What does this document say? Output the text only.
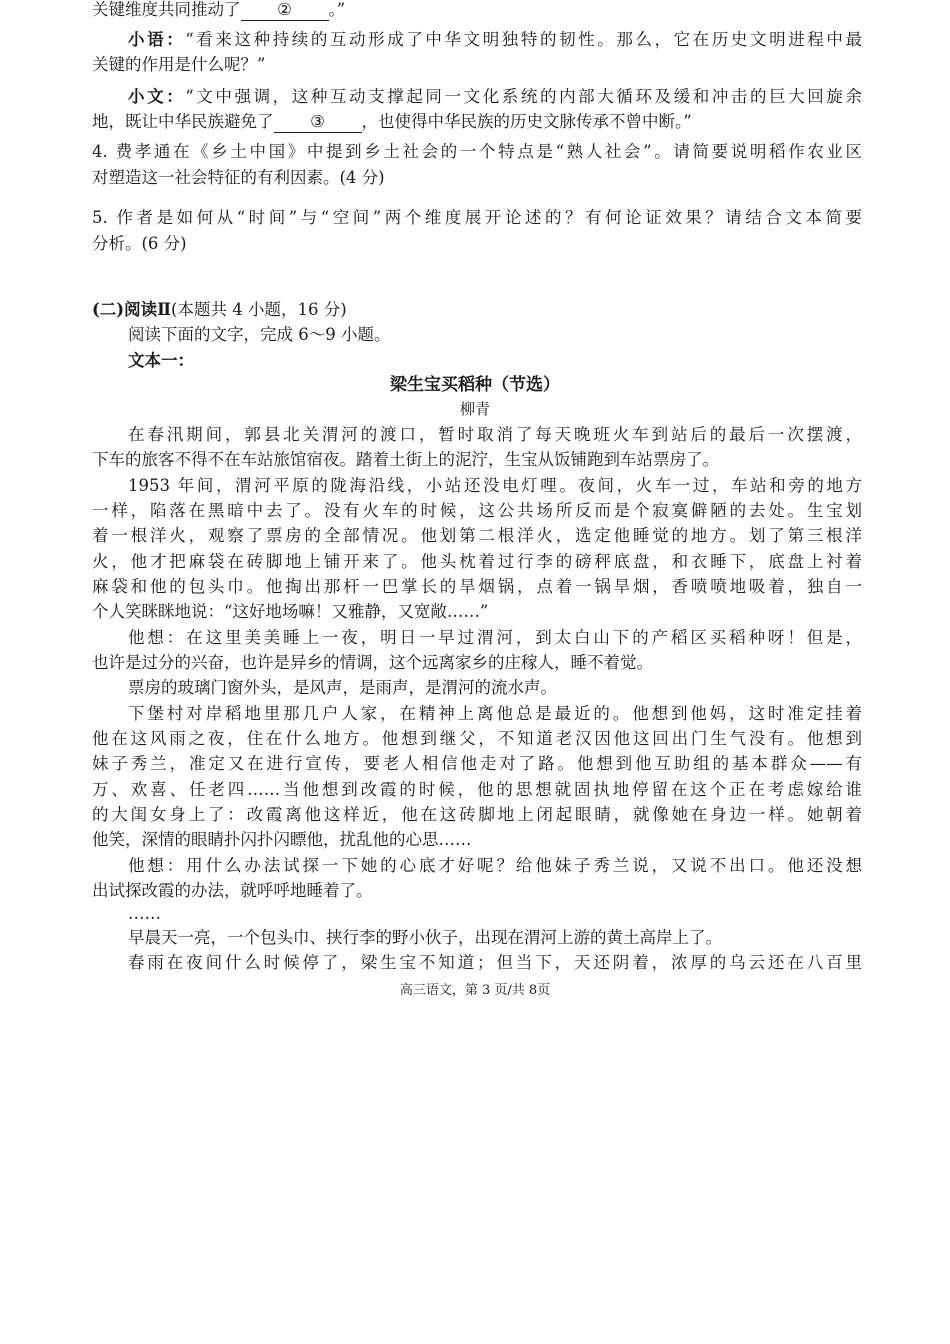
关键维度共同推动了 ② 。”
小语：“看来这种持续的互动形成了中华文明独特的韧性。那么，它在历史文明进程中最
关键的作用是什么呢？”
小文：“文中强调，这种互动支撑起同一文化系统的内部大循环及缓和冲击的巨大回旋余
地，既让中华民族避免了 ③ ，也使得中华民族的历史文脉传承不曾中断。”
4. 费孝通在《乡土中国》中提到乡土社会的一个特点是“熟人社会”。请简要说明稻作农业区
对塑造这一社会特征的有利因素。(4 分)
5. 作者是如何从“时间”与“空间”两个维度展开论述的？有何论证效果？请结合文本简要
分析。(6 分)
(二)阅读Ⅱ(本题共 4 小题，16 分)
阅读下面的文字，完成 6～9 小题。
文本一：
梁生宝买稻种（节选）
柳青
在春汛期间，郭县北关渭河的渡口，暂时取消了每天晚班火车到站后的最后一次摆渡，
下车的旅客不得不在车站旅馆宿夜。踏着土街上的泥泞，生宝从饭铺跑到车站票房了。
1953 年间，渭河平原的陇海沿线，小站还没电灯哩。夜间，火车一过，车站和旁的地方
一样，陷落在黑暗中去了。没有火车的时候，这公共场所反而是个寂寞僻陋的去处。生宝划
着一根洋火，观察了票房的全部情况。他划第二根洋火，选定他睡觉的地方。划了第三根洋
火，他才把麻袋在砖脚地上铺开来了。他头枕着过行李的磅秤底盘，和衣睡下，底盘上衬着
麻袋和他的包头巾。他掏出那杆一巴掌长的旱烟锅，点着一锅旱烟，香喷喷地吸着，独自一
个人笑眯眯地说：“这好地场嘛！又雅静，又宽敞……”
他想：在这里美美睡上一夜，明日一早过渭河，到太白山下的产稻区买稻种呀！但是，
也许是过分的兴奋，也许是异乡的情调，这个远离家乡的庄稼人，睡不着觉。
票房的玻璃门窗外头，是风声，是雨声，是渭河的流水声。
下堡村对岸稻地里那几户人家，在精神上离他总是最近的。他想到他妈，这时准定挂着
他在这风雨之夜，住在什么地方。他想到继父，不知道老汉因他这回出门生气没有。他想到
妹子秀兰，准定又在进行宣传，要老人相信他走对了路。他想到他互助组的基本群众——有
万、欢喜、任老四……当他想到改霞的时候，他的思想就固执地停留在这个正在考虑嫁给谁
的大闺女身上了：改霞离他这样近，他在这砖脚地上闭起眼睛，就像她在身边一样。她朝着
他笑，深情的眼睛扑闪扑闪瞟他，扰乱他的心思……
他想：用什么办法试探一下她的心底才好呢？给他妹子秀兰说，又说不出口。他还没想
出试探改霞的办法，就呼呼地睡着了。
……
早晨天一亮，一个包头巾、挟行李的野小伙子，出现在渭河上游的黄土高岸上了。
春雨在夜间什么时候停了，梁生宝不知道；但当下，天还阴着，浓厚的乌云还在八百里
高三语文，第 3 页/共 8页
